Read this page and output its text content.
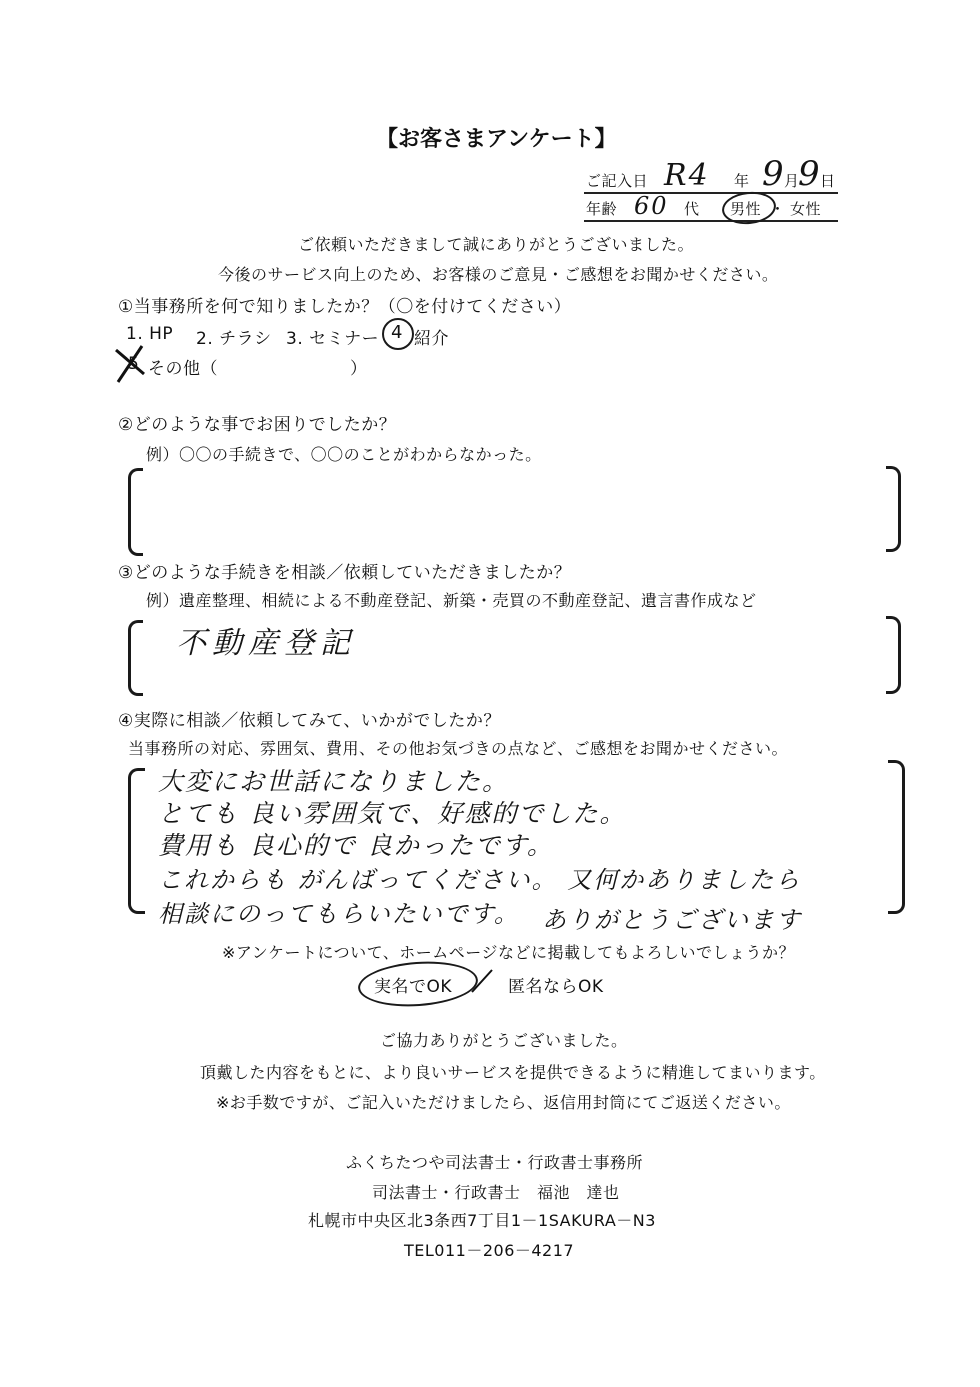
【お客さまアンケート】
ご記入日 R4 年 9
月
9
日
年齢 60 代 男性 ・ 女性
ご依頼いただきまして誠にありがとうございました。
今後のサービス向上のため、お客様のご意見・ご感想をお聞かせください。
①当事務所を何で知りましたか？（〇を付けてください）
1. HP 2. チラシ 3. セミナー 4 紹介
5 その他（	）
②どのような事でお困りでしたか？
例）〇〇の手続きで、〇〇のことがわからなかった。
③どのような手続きを相談／依頼していただきましたか？
例）遺産整理、相続による不動産登記、新築・売買の不動産登記、遺言書作成など
不動産登記
④実際に相談／依頼してみて、いかがでしたか？
当事務所の対応、雰囲気、費用、その他お気づきの点など、ご感想をお聞かせください。
大変にお世話になりました。
とても 良い雰囲気で、好感的でした。
費用も 良心的で 良かったです。
これからも がんばってください。 又何かありましたら
相談にのってもらいたいです。 ありがとうございます
※アンケートについて、ホームページなどに掲載してもよろしいでしょうか？
実名でOK	匿名ならOK
ご協力ありがとうございました。
頂戴した内容をもとに、より良いサービスを提供できるように精進してまいります。
※お手数ですが、ご記入いただけましたら、返信用封筒にてご返送ください。
ふくちたつや司法書士・行政書士事務所
司法書士・行政書士　福池　達也
札幌市中央区北3条西7丁目1－1SAKURA－N3
TEL011－206－4217
